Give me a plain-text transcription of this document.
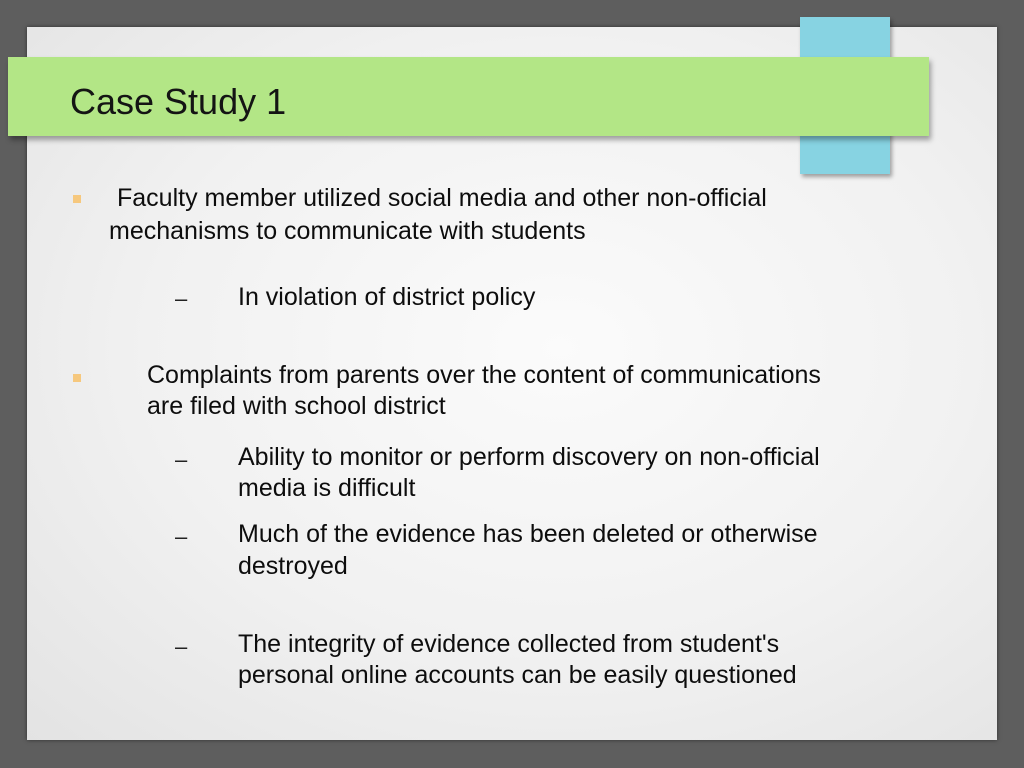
Case Study 1
Faculty member utilized social media and other non-official
mechanisms to communicate with students
– In violation of district policy
Complaints from parents over the content of communications
are filed with school district
– Ability to monitor or perform discovery on non-official
media is difficult
– Much of the evidence has been deleted or otherwise
destroyed
– The integrity of evidence collected from student's
personal online accounts can be easily questioned
